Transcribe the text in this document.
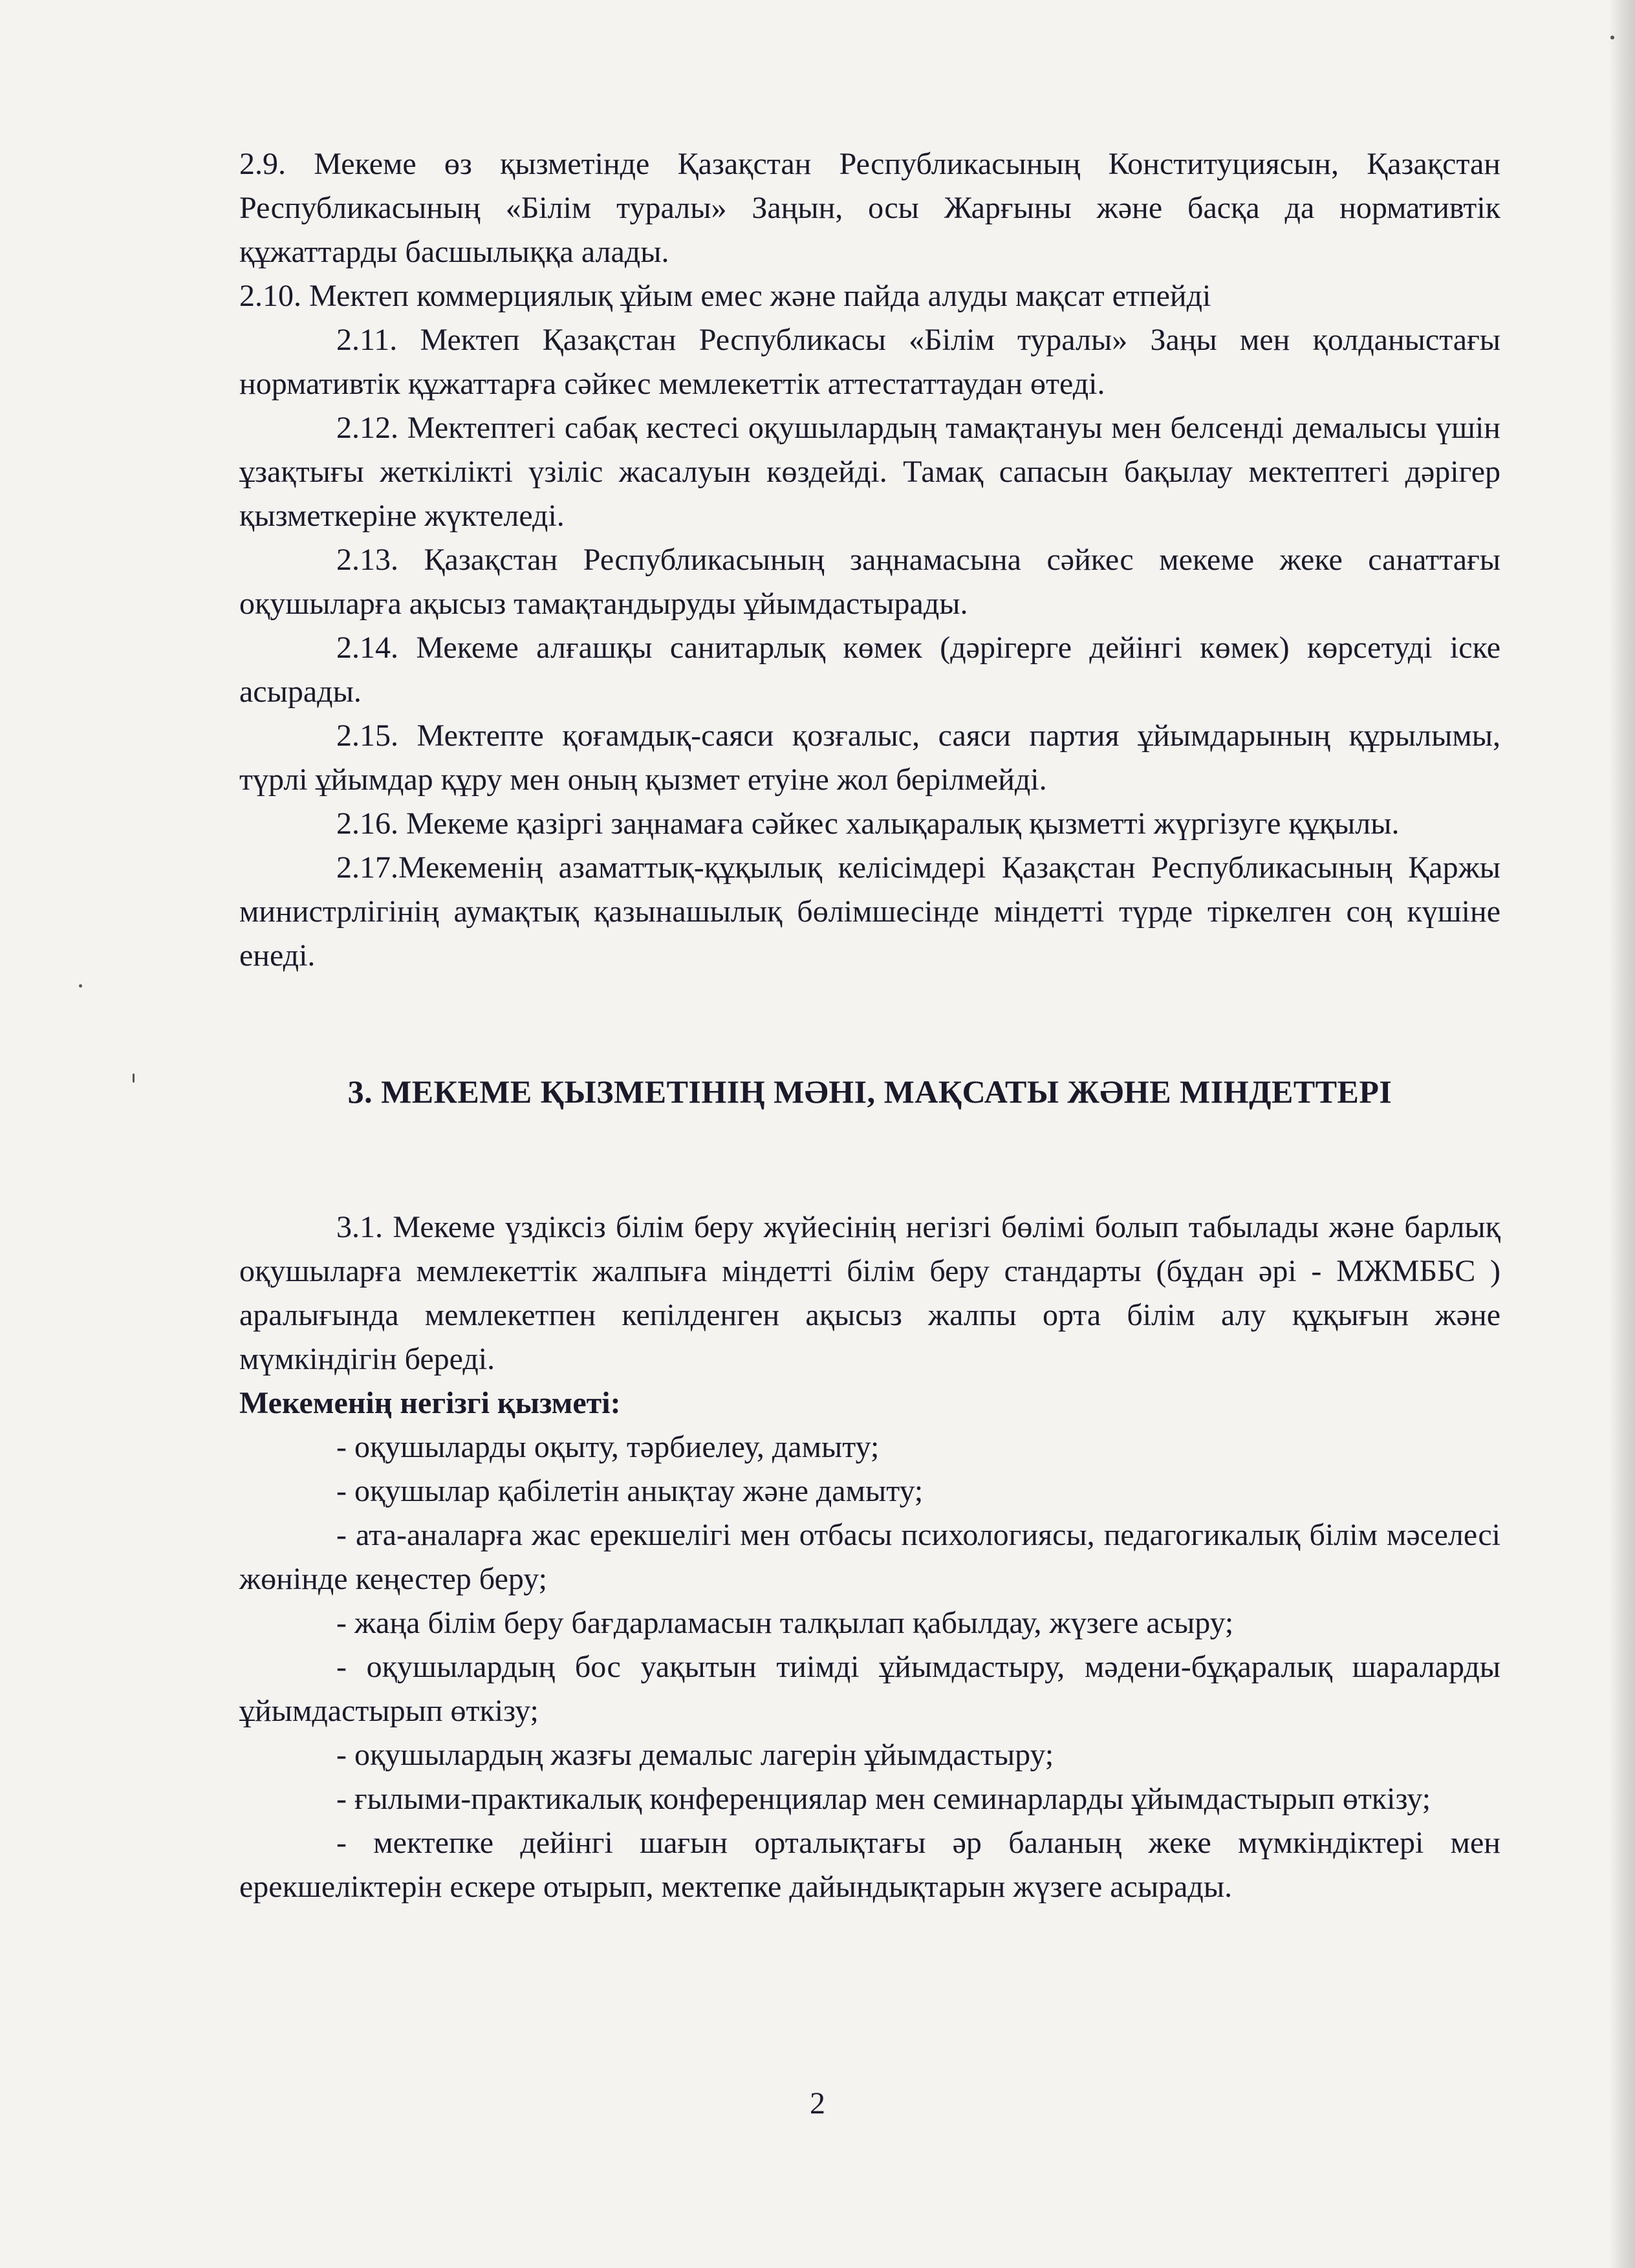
2.9. Мекеме өз қызметінде Қазақстан Республикасының Конституциясын, Қазақстан Республикасының «Білім туралы» Заңын, осы Жарғыны және басқа да нормативтік құжаттарды басшылыққа алады.

2.10. Мектеп коммерциялық ұйым емес және пайда алуды мақсат етпейді

2.11. Мектеп Қазақстан Республикасы «Білім туралы» Заңы мен қолданыстағы нормативтік құжаттарға сәйкес мемлекеттік аттестаттаудан өтеді.

2.12. Мектептегі сабақ кестесі оқушылардың тамақтануы мен белсенді демалысы үшін ұзақтығы жеткілікті үзіліс жасалуын көздейді. Тамақ сапасын бақылау мектептегі дәрігер қызметкеріне жүктеледі.

2.13. Қазақстан Республикасының заңнамасына сәйкес мекеме жеке санаттағы оқушыларға ақысыз тамақтандыруды ұйымдастырады.

2.14. Мекеме алғашқы санитарлық көмек (дәрігерге дейінгі көмек) көрсетуді іске асырады.

2.15. Мектепте қоғамдық-саяси қозғалыс, саяси партия ұйымдарының құрылымы, түрлі ұйымдар құру мен оның қызмет етуіне жол берілмейді.

2.16. Мекеме қазіргі заңнамаға сәйкес халықаралық қызметті жүргізуге құқылы.

2.17.Мекеменің азаматтық-құқылық келісімдері Қазақстан Республикасының Қаржы министрлігінің аумақтық қазынашылық бөлімшесінде міндетті түрде тіркелген соң күшіне енеді.

3. МЕКЕМЕ ҚЫЗМЕТІНІҢ МӘНІ, МАҚСАТЫ ЖӘНЕ МІНДЕТТЕРІ

3.1. Мекеме үздіксіз білім беру жүйесінің негізгі бөлімі болып табылады және барлық оқушыларға мемлекеттік жалпыға міндетті білім беру стандарты (бұдан әрі - МЖМББС ) аралығында мемлекетпен кепілденген ақысыз жалпы орта білім алу құқығын және мүмкіндігін береді.

Мекеменің негізгі қызметі:

- оқушыларды оқыту, тәрбиелеу, дамыту;

- оқушылар қабілетін анықтау және дамыту;

- ата-аналарға жас ерекшелігі мен отбасы психологиясы, педагогикалық білім мәселесі жөнінде кеңестер беру;

- жаңа білім беру бағдарламасын талқылап қабылдау, жүзеге асыру;

- оқушылардың бос уақытын тиімді ұйымдастыру, мәдени-бұқаралық шараларды ұйымдастырып өткізу;

- оқушылардың жазғы демалыс лагерін ұйымдастыру;

- ғылыми-практикалық конференциялар мен семинарларды ұйымдастырып өткізу;

- мектепке дейінгі шағын орталықтағы әр баланың жеке мүмкіндіктері мен ерекшеліктерін ескере отырып, мектепке дайындықтарын жүзеге асырады.

2
